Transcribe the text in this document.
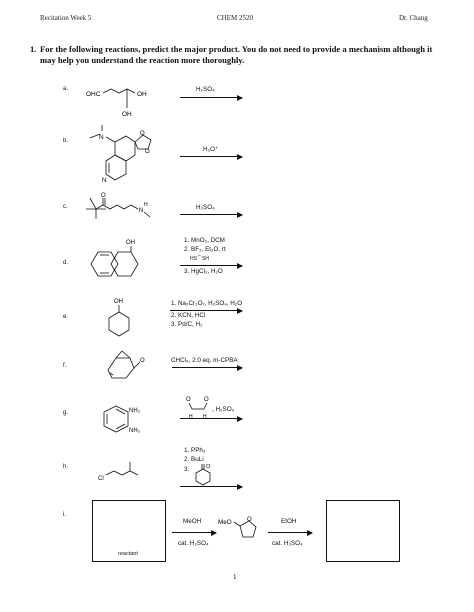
Recitation Week 5	CHEM 2520	Dr. Chang
1. For the following reactions, predict the major product. You do not need to provide a mechanism although it may help you understand the reaction more thoroughly.
a.
OHC	OH
OH
H₂SO₄
b.	N
N
O
O	H₃O⁺
c.
O
N
H	H₂SO₄
d.
OH	1. MnO₂, DCM
2. BF₃, Et₂O, rt
HS⌒SH
3. HgCl₂, H₂O
e.
OH	1. Na₂Cr₂O₇, H₂SO₄, H₂O
2. KCN, HCl
3. Pd/C, H₂
f.
O	CHCl₃, 2.0 eq. m-CPBA
g.	NH₂
NH₂
O O
H H
, H₂SO₄
h.
Cl
1. PPh₃
2. BuLi
3.	O
i.
reactant
MeOH
cat. H₂SO₄
MeO	O	EtOH
cat. H₂SO₄
1
